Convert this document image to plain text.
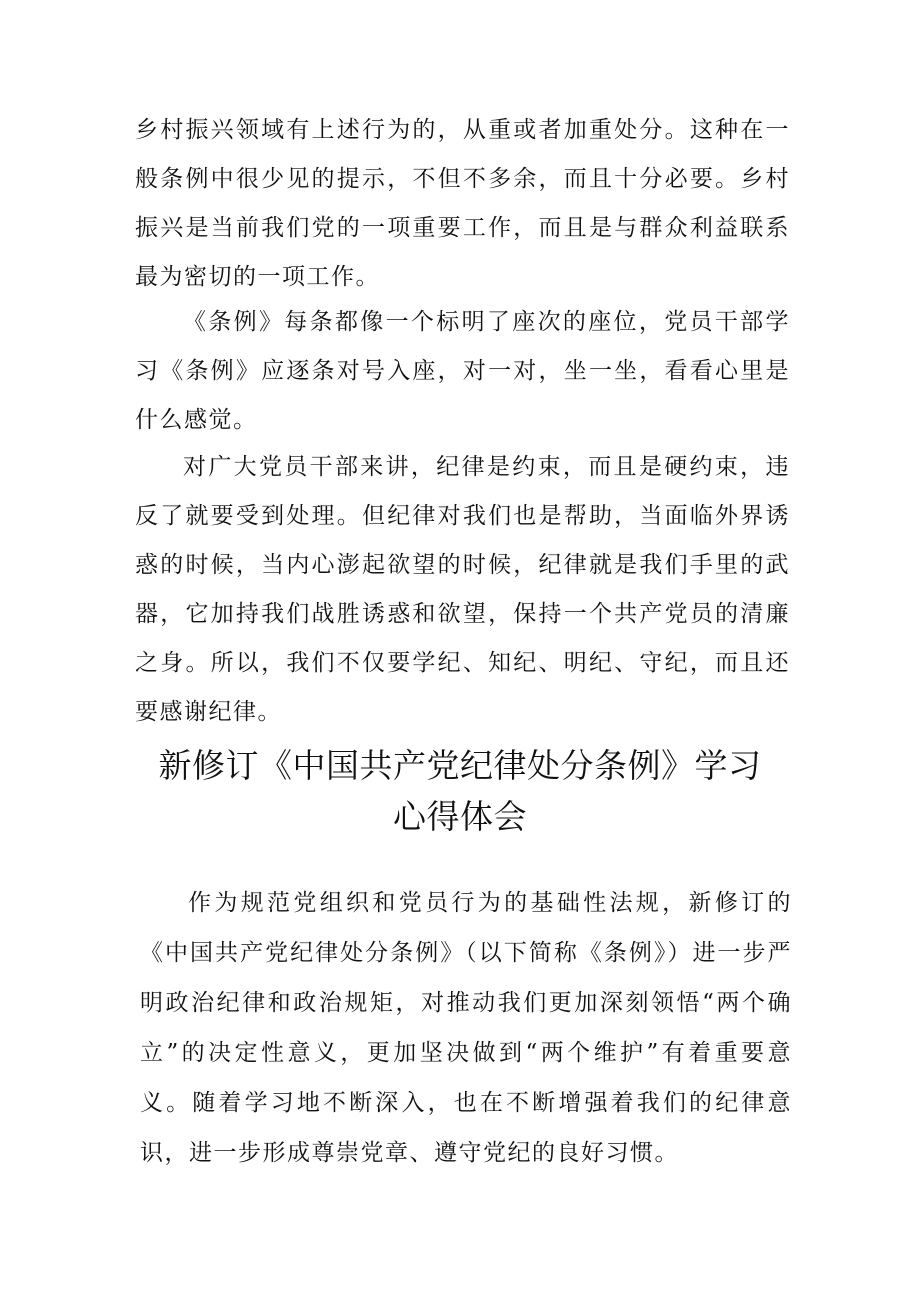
乡村振兴领域有上述行为的，从重或者加重处分。这种在一般条例中很少见的提示，不但不多余，而且十分必要。乡村振兴是当前我们党的一项重要工作，而且是与群众利益联系最为密切的一项工作。

《条例》每条都像一个标明了座次的座位，党员干部学习《条例》应逐条对号入座，对一对，坐一坐，看看心里是什么感觉。

对广大党员干部来讲，纪律是约束，而且是硬约束，违反了就要受到处理。但纪律对我们也是帮助，当面临外界诱惑的时候，当内心澎起欲望的时候，纪律就是我们手里的武器，它加持我们战胜诱惑和欲望，保持一个共产党员的清廉之身。所以，我们不仅要学纪、知纪、明纪、守纪，而且还要感谢纪律。

新修订《中国共产党纪律处分条例》学习
心得体会

作为规范党组织和党员行为的基础性法规，新修订的《中国共产党纪律处分条例》（以下简称《条例》）进一步严明政治纪律和政治规矩，对推动我们更加深刻领悟“两个确立”的决定性意义，更加坚决做到“两个维护”有着重要意义。随着学习地不断深入，也在不断增强着我们的纪律意识，进一步形成尊崇党章、遵守党纪的良好习惯。
